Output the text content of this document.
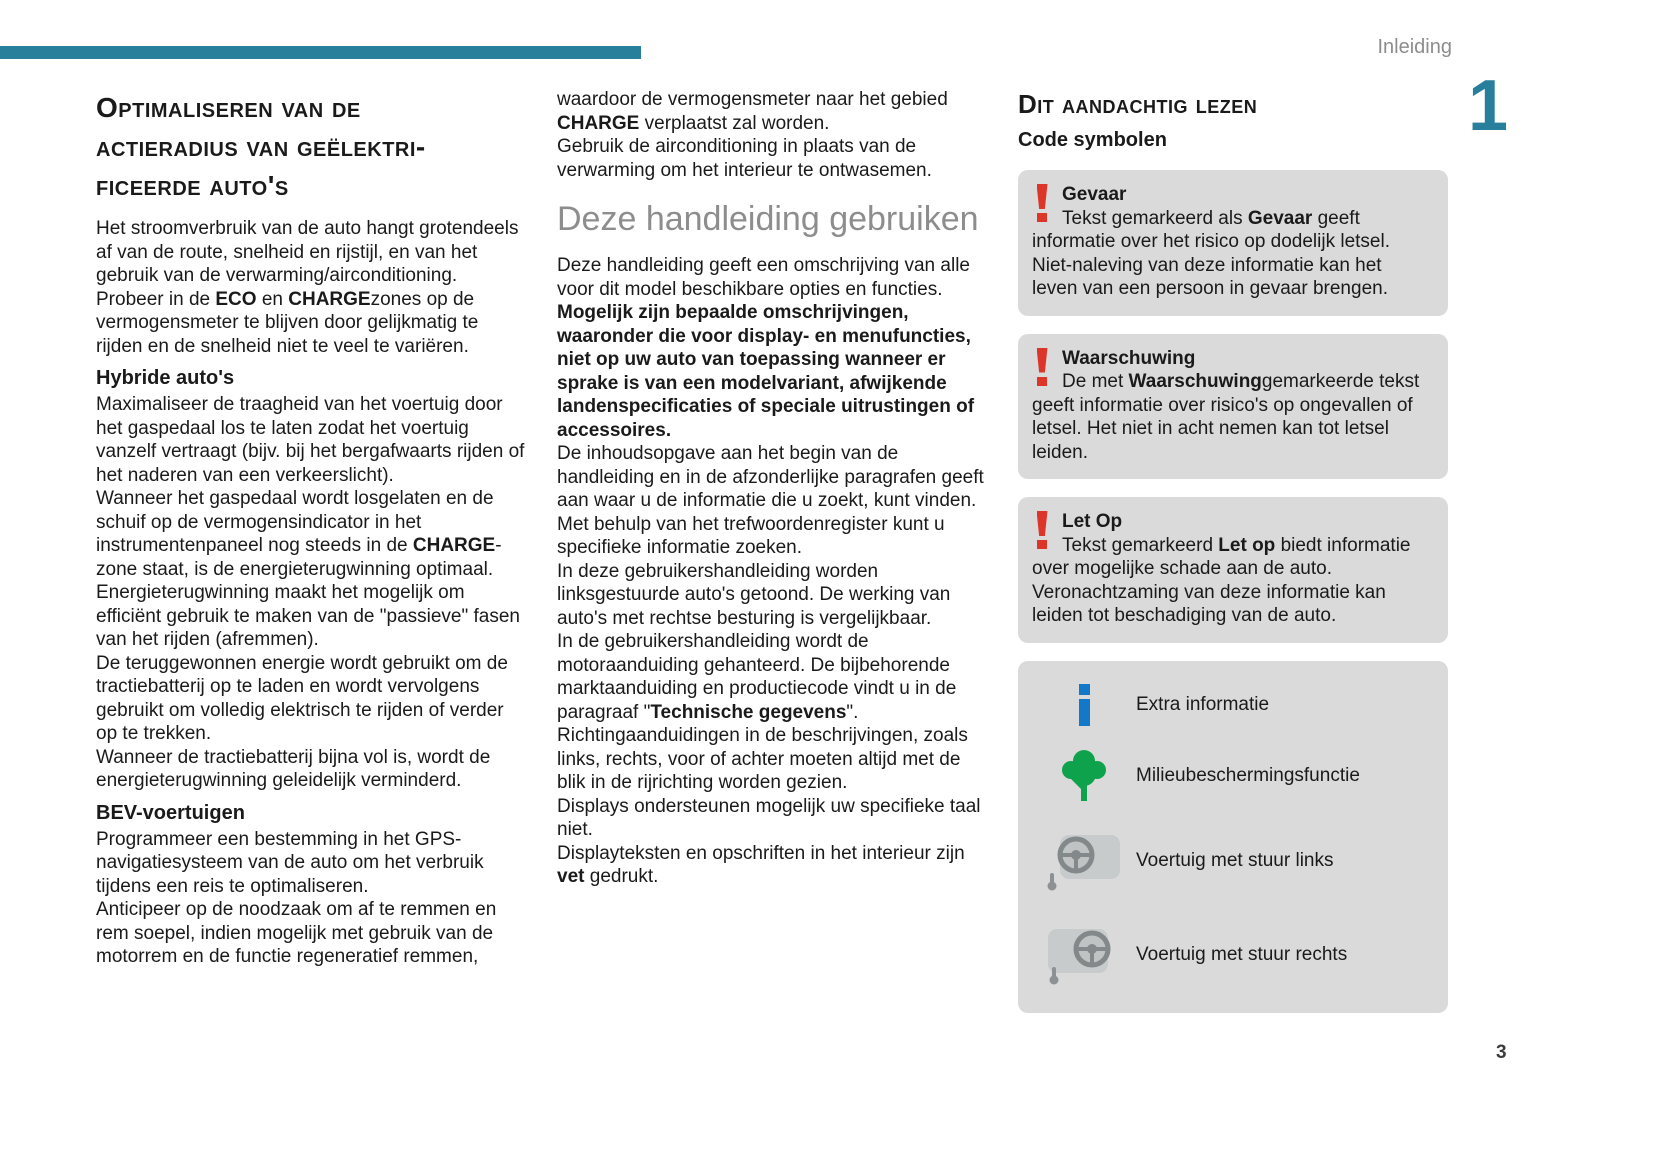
Inleiding
1
Optimaliseren van de
actieradius van geëlektri-
ficeerde auto's

Het stroomverbruik van de auto hangt grotendeels af van de route, snelheid en rijstijl, en van het gebruik van de verwarming/airconditioning.

Probeer in de ECO en CHARGEzones op de vermogensmeter te blijven door gelijkmatig te rijden en de snelheid niet te veel te variëren.

Hybride auto's

Maximaliseer de traagheid van het voertuig door het gaspedaal los te laten zodat het voertuig vanzelf vertraagt (bijv. bij het bergafwaarts rijden of het naderen van een verkeerslicht).

Wanneer het gaspedaal wordt losgelaten en de schuif op de vermogensindicator in het instrumentenpaneel nog steeds in de CHARGE-zone staat, is de energieterugwinning optimaal.

Energieterugwinning maakt het mogelijk om efficiënt gebruik te maken van de "passieve" fasen van het rijden (afremmen).

De teruggewonnen energie wordt gebruikt om de tractiebatterij op te laden en wordt vervolgens gebruikt om volledig elektrisch te rijden of verder op te trekken.

Wanneer de tractiebatterij bijna vol is, wordt de energieterugwinning geleidelijk verminderd.

BEV-voertuigen

Programmeer een bestemming in het GPS-navigatiesysteem van de auto om het verbruik tijdens een reis te optimaliseren.

Anticipeer op de noodzaak om af te remmen en rem soepel, indien mogelijk met gebruik van de motorrem en de functie regeneratief remmen,

waardoor de vermogensmeter naar het gebied CHARGE verplaatst zal worden.

Gebruik de airconditioning in plaats van de verwarming om het interieur te ontwasemen.

Deze handleiding gebruiken

Deze handleiding geeft een omschrijving van alle voor dit model beschikbare opties en functies. Mogelijk zijn bepaalde omschrijvingen, waaronder die voor display- en menufuncties, niet op uw auto van toepassing wanneer er sprake is van een modelvariant, afwijkende landenspecificaties of speciale uitrustingen of accessoires.

De inhoudsopgave aan het begin van de handleiding en in de afzonderlijke paragrafen geeft aan waar u de informatie die u zoekt, kunt vinden.

Met behulp van het trefwoordenregister kunt u specifieke informatie zoeken.

In deze gebruikershandleiding worden linksgestuurde auto's getoond. De werking van auto's met rechtse besturing is vergelijkbaar.

In de gebruikershandleiding wordt de motoraanduiding gehanteerd. De bijbehorende marktaanduiding en productiecode vindt u in de paragraaf "Technische gegevens".

Richtingaanduidingen in de beschrijvingen, zoals links, rechts, voor of achter moeten altijd met de blik in de rijrichting worden gezien.

Displays ondersteunen mogelijk uw specifieke taal niet.

Displayteksten en opschriften in het interieur zijn vet gedrukt.

Dit aandachtig lezen
Code symbolen
Gevaar
Tekst gemarkeerd als Gevaar geeft informatie over het risico op dodelijk letsel. Niet-naleving van deze informatie kan het leven van een persoon in gevaar brengen.
Waarschuwing
De met Waarschuwinggemarkeerde tekst geeft informatie over risico's op ongevallen of letsel. Het niet in acht nemen kan tot letsel leiden.
Let Op
Tekst gemarkeerd Let op biedt informatie over mogelijke schade aan de auto. Veronachtzaming van deze informatie kan leiden tot beschadiging van de auto.
Extra informatie
Milieubeschermingsfunctie
Voertuig met stuur links
Voertuig met stuur rechts
3
